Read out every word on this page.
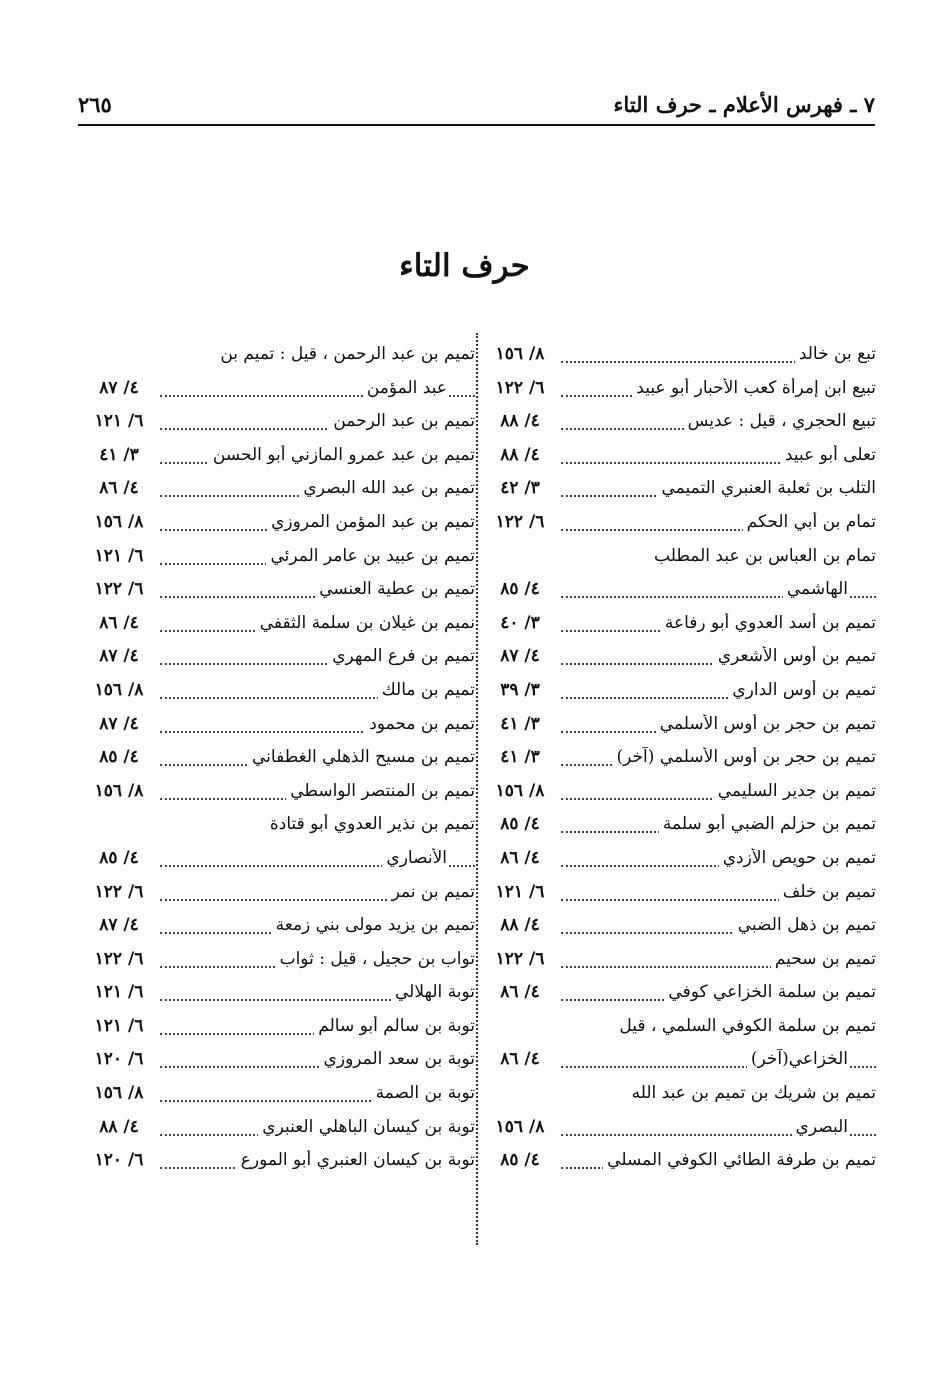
٧ ـ فهرس الأعلام ـ حرف التاء
٢٦٥
حرف التاء
تبع بن خالد
٨/ ١٥٦
تبيع ابن إمرأة كعب الأحبار أبو عبيد
٦/ ١٢٢
تبيع الحجري ، قيل : عديس
٤/ ٨٨
تعلى أبو عبيد
٤/ ٨٨
التلب بن ثعلبة العنبري التميمي
٣/ ٤٢
تمام بن أبي الحكم
٦/ ١٢٢
تمام بن العباس بن عبد المطلب
الهاشمي
٤/ ٨٥
تميم بن أسد العدوي أبو رفاعة
٣/ ٤٠
تميم بن أوس الأشعري
٤/ ٨٧
تميم بن أوس الداري
٣/ ٣٩
تميم بن حجر بن أوس الأسلمي
٣/ ٤١
تميم بن حجر بن أوس الأسلمي (آخر)
٣/ ٤١
تميم بن جدير السليمي
٨/ ١٥٦
تميم بن حزلم الضبي أبو سلمة
٤/ ٨٥
تميم بن حويص الأزدي
٤/ ٨٦
تميم بن خلف
٦/ ١٢١
تميم بن ذهل الضبي
٤/ ٨٨
تميم بن سحيم
٦/ ١٢٢
تميم بن سلمة الخزاعي كوفي
٤/ ٨٦
تميم بن سلمة الكوفي السلمي ، قيل
الخزاعي(آخر)
٤/ ٨٦
تميم بن شريك بن تميم بن عبد الله
البصري
٨/ ١٥٦
تميم بن طرفة الطائي الكوفي المسلي
٤/ ٨٥
تميم بن عبد الرحمن ، قيل : تميم بن
عبد المؤمن
٤/ ٨٧
تميم بن عبد الرحمن
٦/ ١٢١
تميم بن عبد عمرو المازني أبو الحسن
٣/ ٤١
تميم بن عبد الله البصري
٤/ ٨٦
تميم بن عبد المؤمن المروزي
٨/ ١٥٦
تميم بن عبيد بن عامر المرئي
٦/ ١٢١
تميم بن عطية العنسي
٦/ ١٢٢
نميم بن غيلان بن سلمة الثقفي
٤/ ٨٦
تميم بن فرع المهري
٤/ ٨٧
تميم بن مالك
٨/ ١٥٦
تميم بن محمود
٤/ ٨٧
تميم بن مسيح الذهلي الغطفاني
٤/ ٨٥
تميم بن المنتصر الواسطي
٨/ ١٥٦
تميم بن نذير العدوي أبو قتادة
الأنصاري
٤/ ٨٥
تميم بن نمر
٦/ ١٢٢
تميم بن يزيد مولى بني زمعة
٤/ ٨٧
تواب بن حجيل ، قيل : ثواب
٦/ ١٢٢
توبة الهلالي
٦/ ١٢١
توبة بن سالم أبو سالم
٦/ ١٢١
توبة بن سعد المروزي
٦/ ١٢٠
توبة بن الصمة
٨/ ١٥٦
توبة بن كيسان الباهلي العنبري
٤/ ٨٨
توبة بن كيسان العنبري أبو المورع
٦/ ١٢٠
